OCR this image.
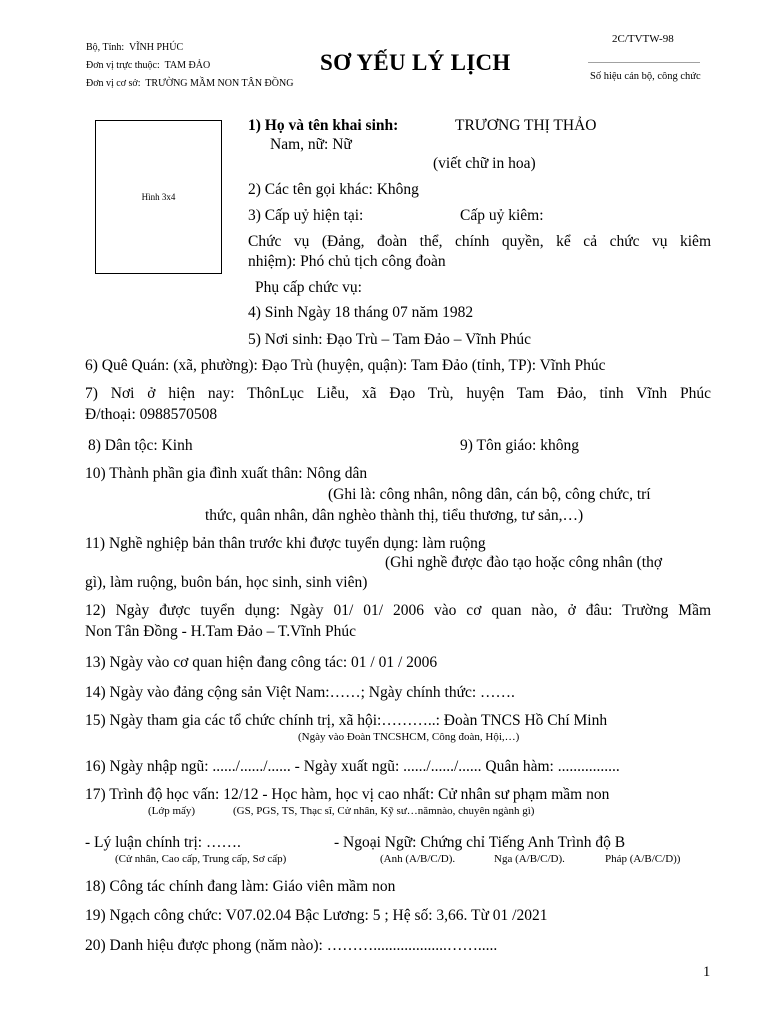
Bộ, Tỉnh: VĨNH PHÚC
Đơn vị trực thuộc: TAM ĐẢO
Đơn vị cơ sở: TRƯỜNG MẦM NON TÂN ĐỒNG
SƠ YẾU LÝ LỊCH
2C/TVTW-98
........................................................
Số hiệu cán bộ, công chức
Hình 3x4
1) Họ và tên khai sinh:	TRƯƠNG THỊ THẢO
Nam, nữ: Nữ
(viết chữ in hoa)
2) Các tên gọi khác: Không
3) Cấp uỷ hiện tại:	Cấp uỷ kiêm:
Chức vụ (Đảng, đoàn thể, chính quyền, kể cả chức vụ kiêm
nhiệm): Phó chủ tịch công đoàn
Phụ cấp chức vụ:
4) Sinh Ngày 18 tháng 07 năm 1982
5) Nơi sinh: Đạo Trù – Tam Đảo – Vĩnh Phúc
6) Quê Quán: (xã, phường): Đạo Trù (huyện, quận): Tam Đảo (tỉnh, TP): Vĩnh Phúc
7) Nơi ở hiện nay: ThônLục Liễu, xã Đạo Trù, huyện Tam Đảo, tỉnh Vĩnh Phúc
Đ/thoại: 0988570508
8) Dân tộc: Kinh	9) Tôn giáo: không
10) Thành phần gia đình xuất thân: Nông dân
(Ghi là: công nhân, nông dân, cán bộ, công chức, trí
thức, quân nhân, dân nghèo thành thị, tiểu thương, tư sản,…)
11) Nghề nghiệp bản thân trước khi được tuyển dụng: làm ruộng
(Ghi nghề được đào tạo hoặc công nhân (thợ
gì), làm ruộng, buôn bán, học sinh, sinh viên)
12) Ngày được tuyển dụng: Ngày 01/ 01/ 2006 vào cơ quan nào, ở đâu: Trường Mầm
Non Tân Đồng - H.Tam Đảo – T.Vĩnh Phúc
13) Ngày vào cơ quan hiện đang công tác: 01 / 01 / 2006
14) Ngày vào đảng cộng sản Việt Nam:……; Ngày chính thức: …….
15) Ngày tham gia các tổ chức chính trị, xã hội:………..: Đoàn TNCS Hồ Chí Minh
(Ngày vào Đoàn TNCSHCM, Công đoàn, Hội,…)
16) Ngày nhập ngũ: ....../....../...... - Ngày xuất ngũ: ....../....../...... Quân hàm: ................
17) Trình độ học vấn: 12/12 - Học hàm, học vị cao nhất: Cử nhân sư phạm mầm non
(Lớp mấy)	(GS, PGS, TS, Thạc sĩ, Cử nhân, Kỹ sư…nămnào, chuyên ngành gì)
- Lý luận chính trị: …….	- Ngoại Ngữ: Chứng chỉ Tiếng Anh Trình độ B
(Cử nhân, Cao cấp, Trung cấp, Sơ cấp)	(Anh (A/B/C/D).	Nga (A/B/C/D).	Pháp (A/B/C/D))
18) Công tác chính đang làm: Giáo viên mầm non
19) Ngạch công chức: V07.02.04 Bậc Lương: 5 ; Hệ số: 3,66. Từ 01 /2021
20) Danh hiệu được phong (năm nào): ………...................…….....
1
